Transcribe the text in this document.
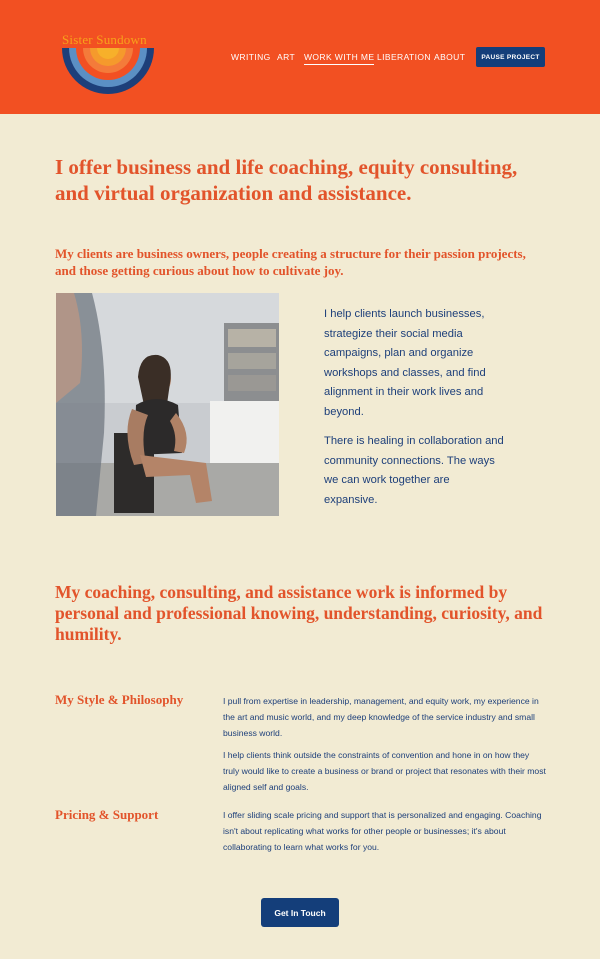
Sister Sundown
WRITING ART WORK WITH ME LIBERATION ABOUT	PAUSE PROJECT
I offer business and life coaching, equity consulting, and virtual organization and assistance.
My clients are business owners, people creating a structure for their passion projects, and those getting curious about how to cultivate joy.

I help clients launch businesses, strategize their social media campaigns, plan and organize workshops and classes, and find alignment in their work lives and beyond.

There is healing in collaboration and community connections. The ways we can work together are expansive.

My coaching, consulting, and assistance work is informed by personal and professional knowing, understanding, curiosity, and humility.
My Style & Philosophy	I pull from expertise in leadership, management, and equity work, my experience in the art and music world, and my deep knowledge of the service industry and small business world.

I help clients think outside the constraints of convention and hone in on how they truly would like to create a business or brand or project that resonates with their most aligned self and goals.

Pricing & Support	I offer sliding scale pricing and support that is personalized and engaging. Coaching isn't about replicating what works for other people or businesses; it's about collaborating to learn what works for you.

Get In Touch
